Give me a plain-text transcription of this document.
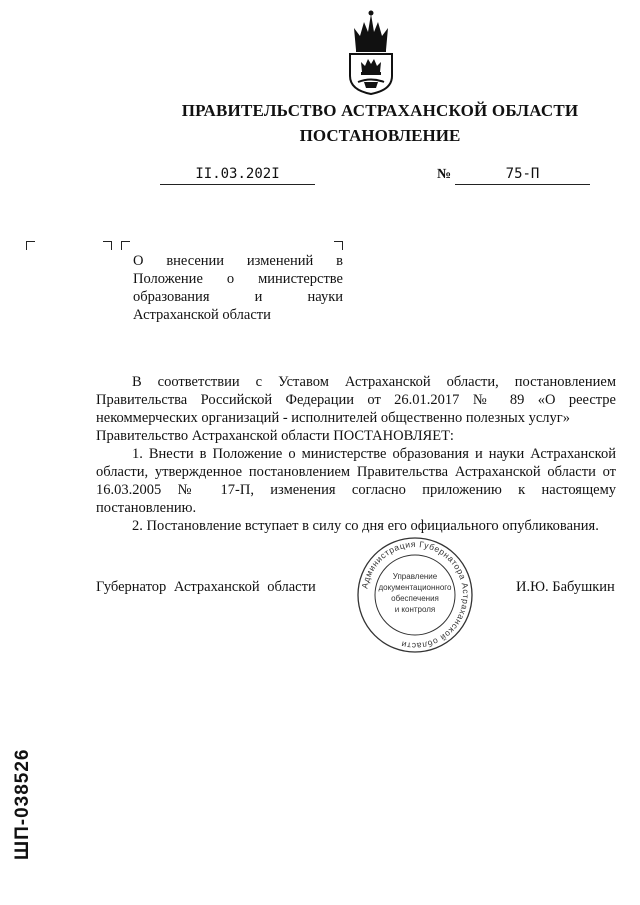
ПРАВИТЕЛЬСТВО АСТРАХАНСКОЙ ОБЛАСТИ
ПОСТАНОВЛЕНИЕ
II.03.202I	№	75-П
О внесении изменений в Положение о министерстве образования и науки Астраханской области

В соответствии с Уставом Астраханской области, постановлением Правительства Российской Федерации от 26.01.2017 № 89 «О реестре некоммерческих организаций - исполнителей общественно полезных услуг»

Правительство Астраханской области ПОСТАНОВЛЯЕТ:

1. Внести в Положение о министерстве образования и науки Астраханской области, утвержденное постановлением Правительства Астраханской области от 16.03.2005 № 17-П, изменения согласно приложению к настоящему постановлению.

2. Постановление вступает в силу со дня его официального опубликования.

Губернатор Астраханской области	И.Ю. Бабушкин
Администрация Губернатора Астраханской области
Управление
документационного
обеспечения
и контроля
ШП-038526
